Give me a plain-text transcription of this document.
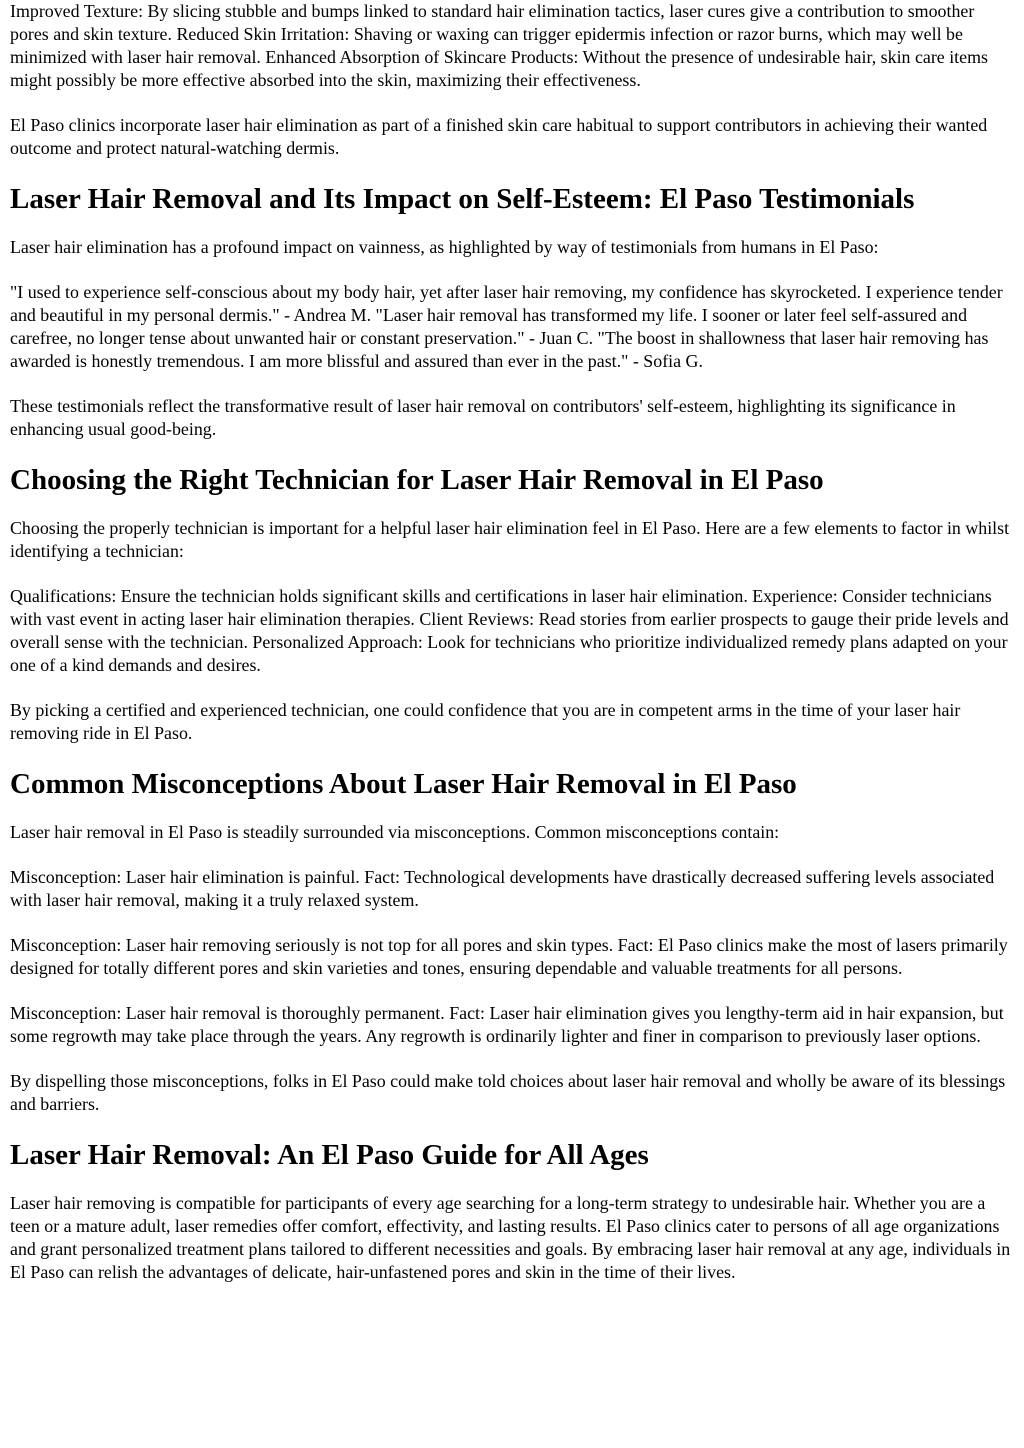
Improved Texture: By slicing stubble and bumps linked to standard hair elimination tactics, laser cures give a contribution to smoother pores and skin texture. Reduced Skin Irritation: Shaving or waxing can trigger epidermis infection or razor burns, which may well be minimized with laser hair removal. Enhanced Absorption of Skincare Products: Without the presence of undesirable hair, skin care items might possibly be more effective absorbed into the skin, maximizing their effectiveness.

El Paso clinics incorporate laser hair elimination as part of a finished skin care habitual to support contributors in achieving their wanted outcome and protect natural-watching dermis.

Laser Hair Removal and Its Impact on Self-Esteem: El Paso Testimonials

Laser hair elimination has a profound impact on vainness, as highlighted by way of testimonials from humans in El Paso:

"I used to experience self-conscious about my body hair, yet after laser hair removing, my confidence has skyrocketed. I experience tender and beautiful in my personal dermis." - Andrea M. "Laser hair removal has transformed my life. I sooner or later feel self-assured and carefree, no longer tense about unwanted hair or constant preservation." - Juan C. "The boost in shallowness that laser hair removing has awarded is honestly tremendous. I am more blissful and assured than ever in the past." - Sofia G.

These testimonials reflect the transformative result of laser hair removal on contributors' self-esteem, highlighting its significance in enhancing usual good-being.

Choosing the Right Technician for Laser Hair Removal in El Paso

Choosing the properly technician is important for a helpful laser hair elimination feel in El Paso. Here are a few elements to factor in whilst identifying a technician:

Qualifications: Ensure the technician holds significant skills and certifications in laser hair elimination. Experience: Consider technicians with vast event in acting laser hair elimination therapies. Client Reviews: Read stories from earlier prospects to gauge their pride levels and overall sense with the technician. Personalized Approach: Look for technicians who prioritize individualized remedy plans adapted on your one of a kind demands and desires.

By picking a certified and experienced technician, one could confidence that you are in competent arms in the time of your laser hair removing ride in El Paso.

Common Misconceptions About Laser Hair Removal in El Paso

Laser hair removal in El Paso is steadily surrounded via misconceptions. Common misconceptions contain:

Misconception: Laser hair elimination is painful. Fact: Technological developments have drastically decreased suffering levels associated with laser hair removal, making it a truly relaxed system.

Misconception: Laser hair removing seriously is not top for all pores and skin types. Fact: El Paso clinics make the most of lasers primarily designed for totally different pores and skin varieties and tones, ensuring dependable and valuable treatments for all persons.

Misconception: Laser hair removal is thoroughly permanent. Fact: Laser hair elimination gives you lengthy-term aid in hair expansion, but some regrowth may take place through the years. Any regrowth is ordinarily lighter and finer in comparison to previously laser options.

By dispelling those misconceptions, folks in El Paso could make told choices about laser hair removal and wholly be aware of its blessings and barriers.

Laser Hair Removal: An El Paso Guide for All Ages

Laser hair removing is compatible for participants of every age searching for a long-term strategy to undesirable hair. Whether you are a teen or a mature adult, laser remedies offer comfort, effectivity, and lasting results. El Paso clinics cater to persons of all age organizations and grant personalized treatment plans tailored to different necessities and goals. By embracing laser hair removal at any age, individuals in El Paso can relish the advantages of delicate, hair-unfastened pores and skin in the time of their lives.
